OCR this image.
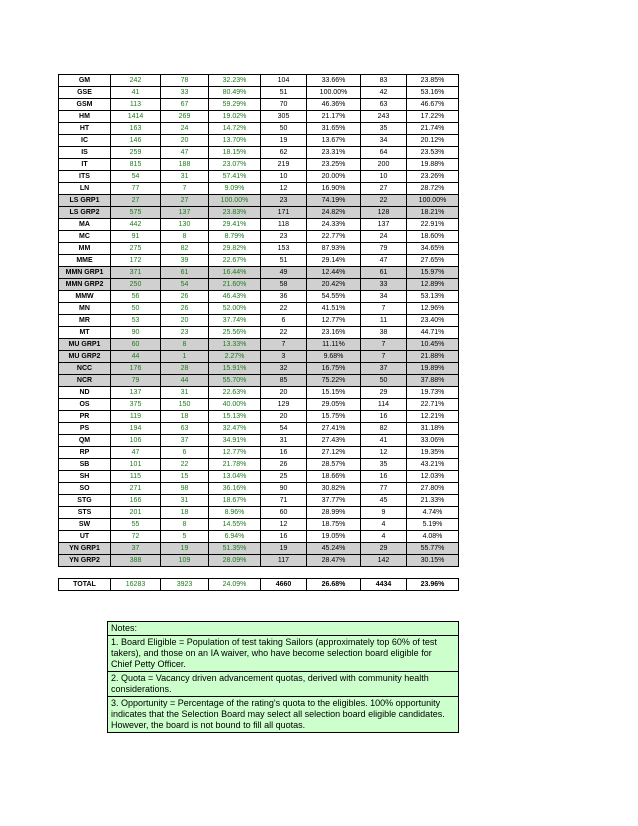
GM	242	78	32.23%	104	33.66%	83	23.85%
GSE	41	33	80.49%	51	100.00%	42	53.16%
GSM	113	67	59.29%	70	46.36%	63	46.67%
HM	1414	269	19.02%	305	21.17%	243	17.22%
HT	163	24	14.72%	50	31.65%	35	21.74%
IC	146	20	13.70%	19	13.67%	34	20.12%
IS	259	47	18.15%	62	23.31%	64	23.53%
IT	815	188	23.07%	219	23.25%	200	19.88%
ITS	54	31	57.41%	10	20.00%	10	23.26%
LN	77	7	9.09%	12	16.90%	27	28.72%
LS GRP1	27	27	100.00%	23	74.19%	22	100.00%
LS GRP2	575	137	23.83%	171	24.82%	128	18.21%
MA	442	130	29.41%	118	24.33%	137	22.91%
MC	91	8	8.79%	23	22.77%	24	18.60%
MM	275	82	29.82%	153	87.93%	79	34.65%
MME	172	39	22.67%	51	29.14%	47	27.65%
MMN GRP1	371	61	16.44%	49	12.44%	61	15.97%
MMN GRP2	250	54	21.60%	58	20.42%	33	12.89%
MMW	56	26	46.43%	36	54.55%	34	53.13%
MN	50	26	52.00%	22	41.51%	7	12.96%
MR	53	20	37.74%	6	12.77%	11	23.40%
MT	90	23	25.56%	22	23.16%	38	44.71%
MU GRP1	60	8	13.33%	7	11.11%	7	10.45%
MU GRP2	44	1	2.27%	3	9.68%	7	21.88%
NCC	176	28	15.91%	32	16.75%	37	19.89%
NCR	79	44	55.70%	85	75.22%	50	37.88%
ND	137	31	22.63%	20	15.15%	29	19.73%
OS	375	150	40.00%	129	29.05%	114	22.71%
PR	119	18	15.13%	20	15.75%	16	12.21%
PS	194	63	32.47%	54	27.41%	82	31.18%
QM	106	37	34.91%	31	27.43%	41	33.06%
RP	47	6	12.77%	16	27.12%	12	19.35%
SB	101	22	21.78%	26	28.57%	35	43.21%
SH	115	15	13.04%	25	18.66%	16	12.03%
SO	271	98	36.16%	90	30.82%	77	27.80%
STG	166	31	18.67%	71	37.77%	45	21.33%
STS	201	18	8.96%	60	28.99%	9	4.74%
SW	55	8	14.55%	12	18.75%	4	5.19%
UT	72	5	6.94%	16	19.05%	4	4.08%
YN GRP1	37	19	51.35%	19	45.24%	29	55.77%
YN GRP2	388	109	28.09%	117	28.47%	142	30.15%

TOTAL	16283	3923	24.09%	4660	26.68%	4434	23.96%
Notes:
1. Board Eligible = Population of test taking Sailors (approximately top 60% of test takers), and those on an IA waiver, who have become selection board eligible for Chief Petty Officer.
2. Quota = Vacancy driven advancement quotas, derived with community health considerations.
3. Opportunity = Percentage of the rating's quota to the eligibles. 100% opportunity indicates that the Selection Board may select all selection board eligible candidates. However, the board is not bound to fill all quotas.
